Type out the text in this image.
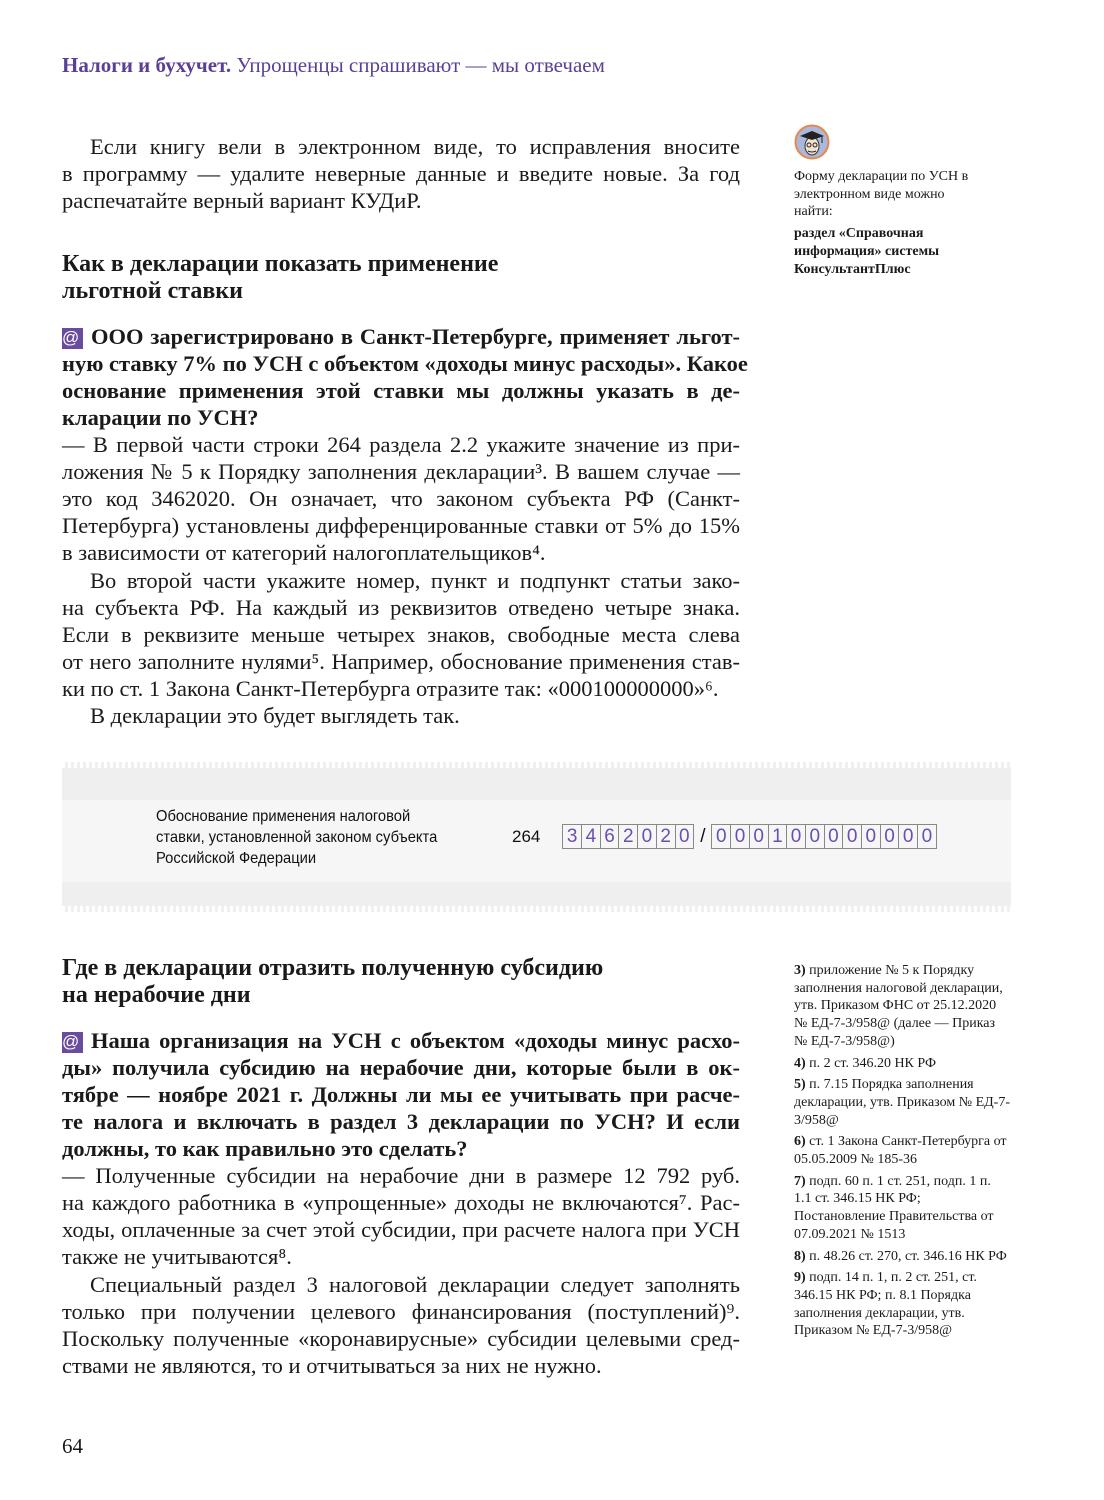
Налоги и бухучет. Упрощенцы спрашивают — мы отвечаем
Если книгу вели в электронном виде, то исправления вносите
в программу — удалите неверные данные и введите новые. За год
распечатайте верный вариант КУДиР.
Как в декларации показать применение
льготной ставки
@ ООО зарегистрировано в Санкт-Петербурге, применяет льгот-
ную ставку 7% по УСН с объектом «доходы минус расходы». Какое
основание применения этой ставки мы должны указать в де-
кларации по УСН?
— В первой части строки 264 раздела 2.2 укажите значение из при-
ложения № 5 к Порядку заполнения декларации³. В вашем случае —
это код 3462020. Он означает, что законом субъекта РФ (Санкт-
Петербурга) установлены дифференцированные ставки от 5% до 15%
в зависимости от категорий налогоплательщиков⁴.
Во второй части укажите номер, пункт и подпункт статьи зако-
на субъекта РФ. На каждый из реквизитов отведено четыре знака.
Если в реквизите меньше четырех знаков, свободные места слева
от него заполните нулями⁵. Например, обоснование применения став-
ки по ст. 1 Закона Санкт-Петербурга отразите так: «000100000000»⁶.
В декларации это будет выглядеть так.
Обоснование применения налоговой
ставки, установленной законом субъекта
Российской Федерации
264 3 4 6 2 0 2 0 / 0 0 0 1 0 0 0 0 0 0 0 0
Где в декларации отразить полученную субсидию
на нерабочие дни
@ Наша организация на УСН с объектом «доходы минус расхо-
ды» получила субсидию на нерабочие дни, которые были в ок-
тябре — ноябре 2021 г. Должны ли мы ее учитывать при расче-
те налога и включать в раздел 3 декларации по УСН? И если
должны, то как правильно это сделать?
— Полученные субсидии на нерабочие дни в размере 12 792 руб.
на каждого работника в «упрощенные» доходы не включаются⁷. Рас-
ходы, оплаченные за счет этой субсидии, при расчете налога при УСН
также не учитываются⁸.
Специальный раздел 3 налоговой декларации следует заполнять
только при получении целевого финансирования (поступлений)⁹.
Поскольку полученные «коронавирусные» субсидии целевыми сред-
ствами не являются, то и отчитываться за них не нужно.
Форму декларации по УСН в электронном виде можно найти:
раздел «Справочная информация» системы КонсультантПлюс
3) приложение № 5 к Порядку заполнения налоговой декларации, утв. Приказом ФНС от 25.12.2020 № ЕД-7-3/958@ (далее — Приказ № ЕД-7-3/958@)
4) п. 2 ст. 346.20 НК РФ
5) п. 7.15 Порядка заполнения декларации, утв. Приказом № ЕД-7-3/958@
6) ст. 1 Закона Санкт-Петербурга от 05.05.2009 № 185-36
7) подп. 60 п. 1 ст. 251, подп. 1 п. 1.1 ст. 346.15 НК РФ; Постановление Правительства от 07.09.2021 № 1513
8) п. 48.26 ст. 270, ст. 346.16 НК РФ
9) подп. 14 п. 1, п. 2 ст. 251, ст. 346.15 НК РФ; п. 8.1 Порядка заполнения декларации, утв. Приказом № ЕД-7-3/958@
64
